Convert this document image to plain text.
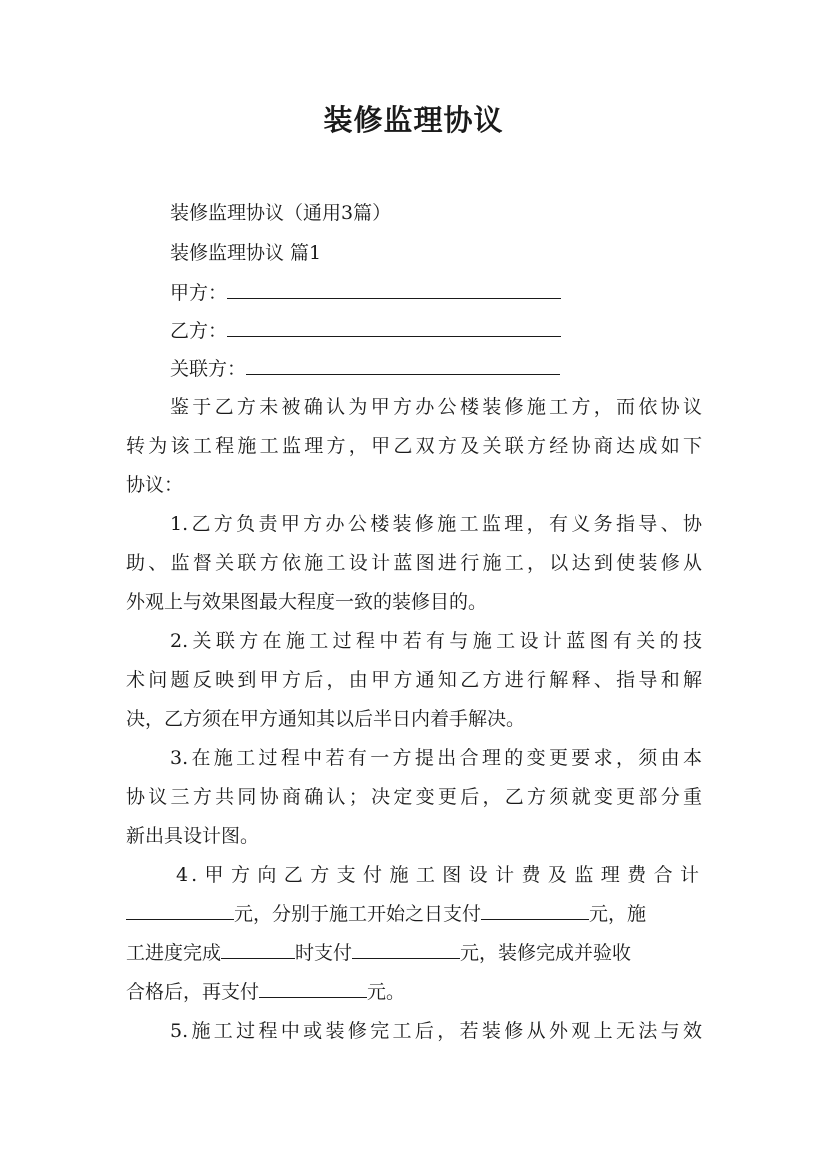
装修监理协议
装修监理协议（通用3篇）
装修监理协议 篇1
甲方：
乙方：
关联方：
鉴于乙方未被确认为甲方办公楼装修施工方，而依协议
转为该工程施工监理方，甲乙双方及关联方经协商达成如下
协议：
1.乙方负责甲方办公楼装修施工监理，有义务指导、协
助、监督关联方依施工设计蓝图进行施工，以达到使装修从
外观上与效果图最大程度一致的装修目的。
2.关联方在施工过程中若有与施工设计蓝图有关的技
术问题反映到甲方后，由甲方通知乙方进行解释、指导和解
决，乙方须在甲方通知其以后半日内着手解决。
3.在施工过程中若有一方提出合理的变更要求，须由本
协议三方共同协商确认；决定变更后，乙方须就变更部分重
新出具设计图。
4.甲方向乙方支付施工图设计费及监理费合计
元，分别于施工开始之日支付	元，施
工进度完成	时支付	元，装修完成并验收
合格后，再支付	元。
5.施工过程中或装修完工后，若装修从外观上无法与效
